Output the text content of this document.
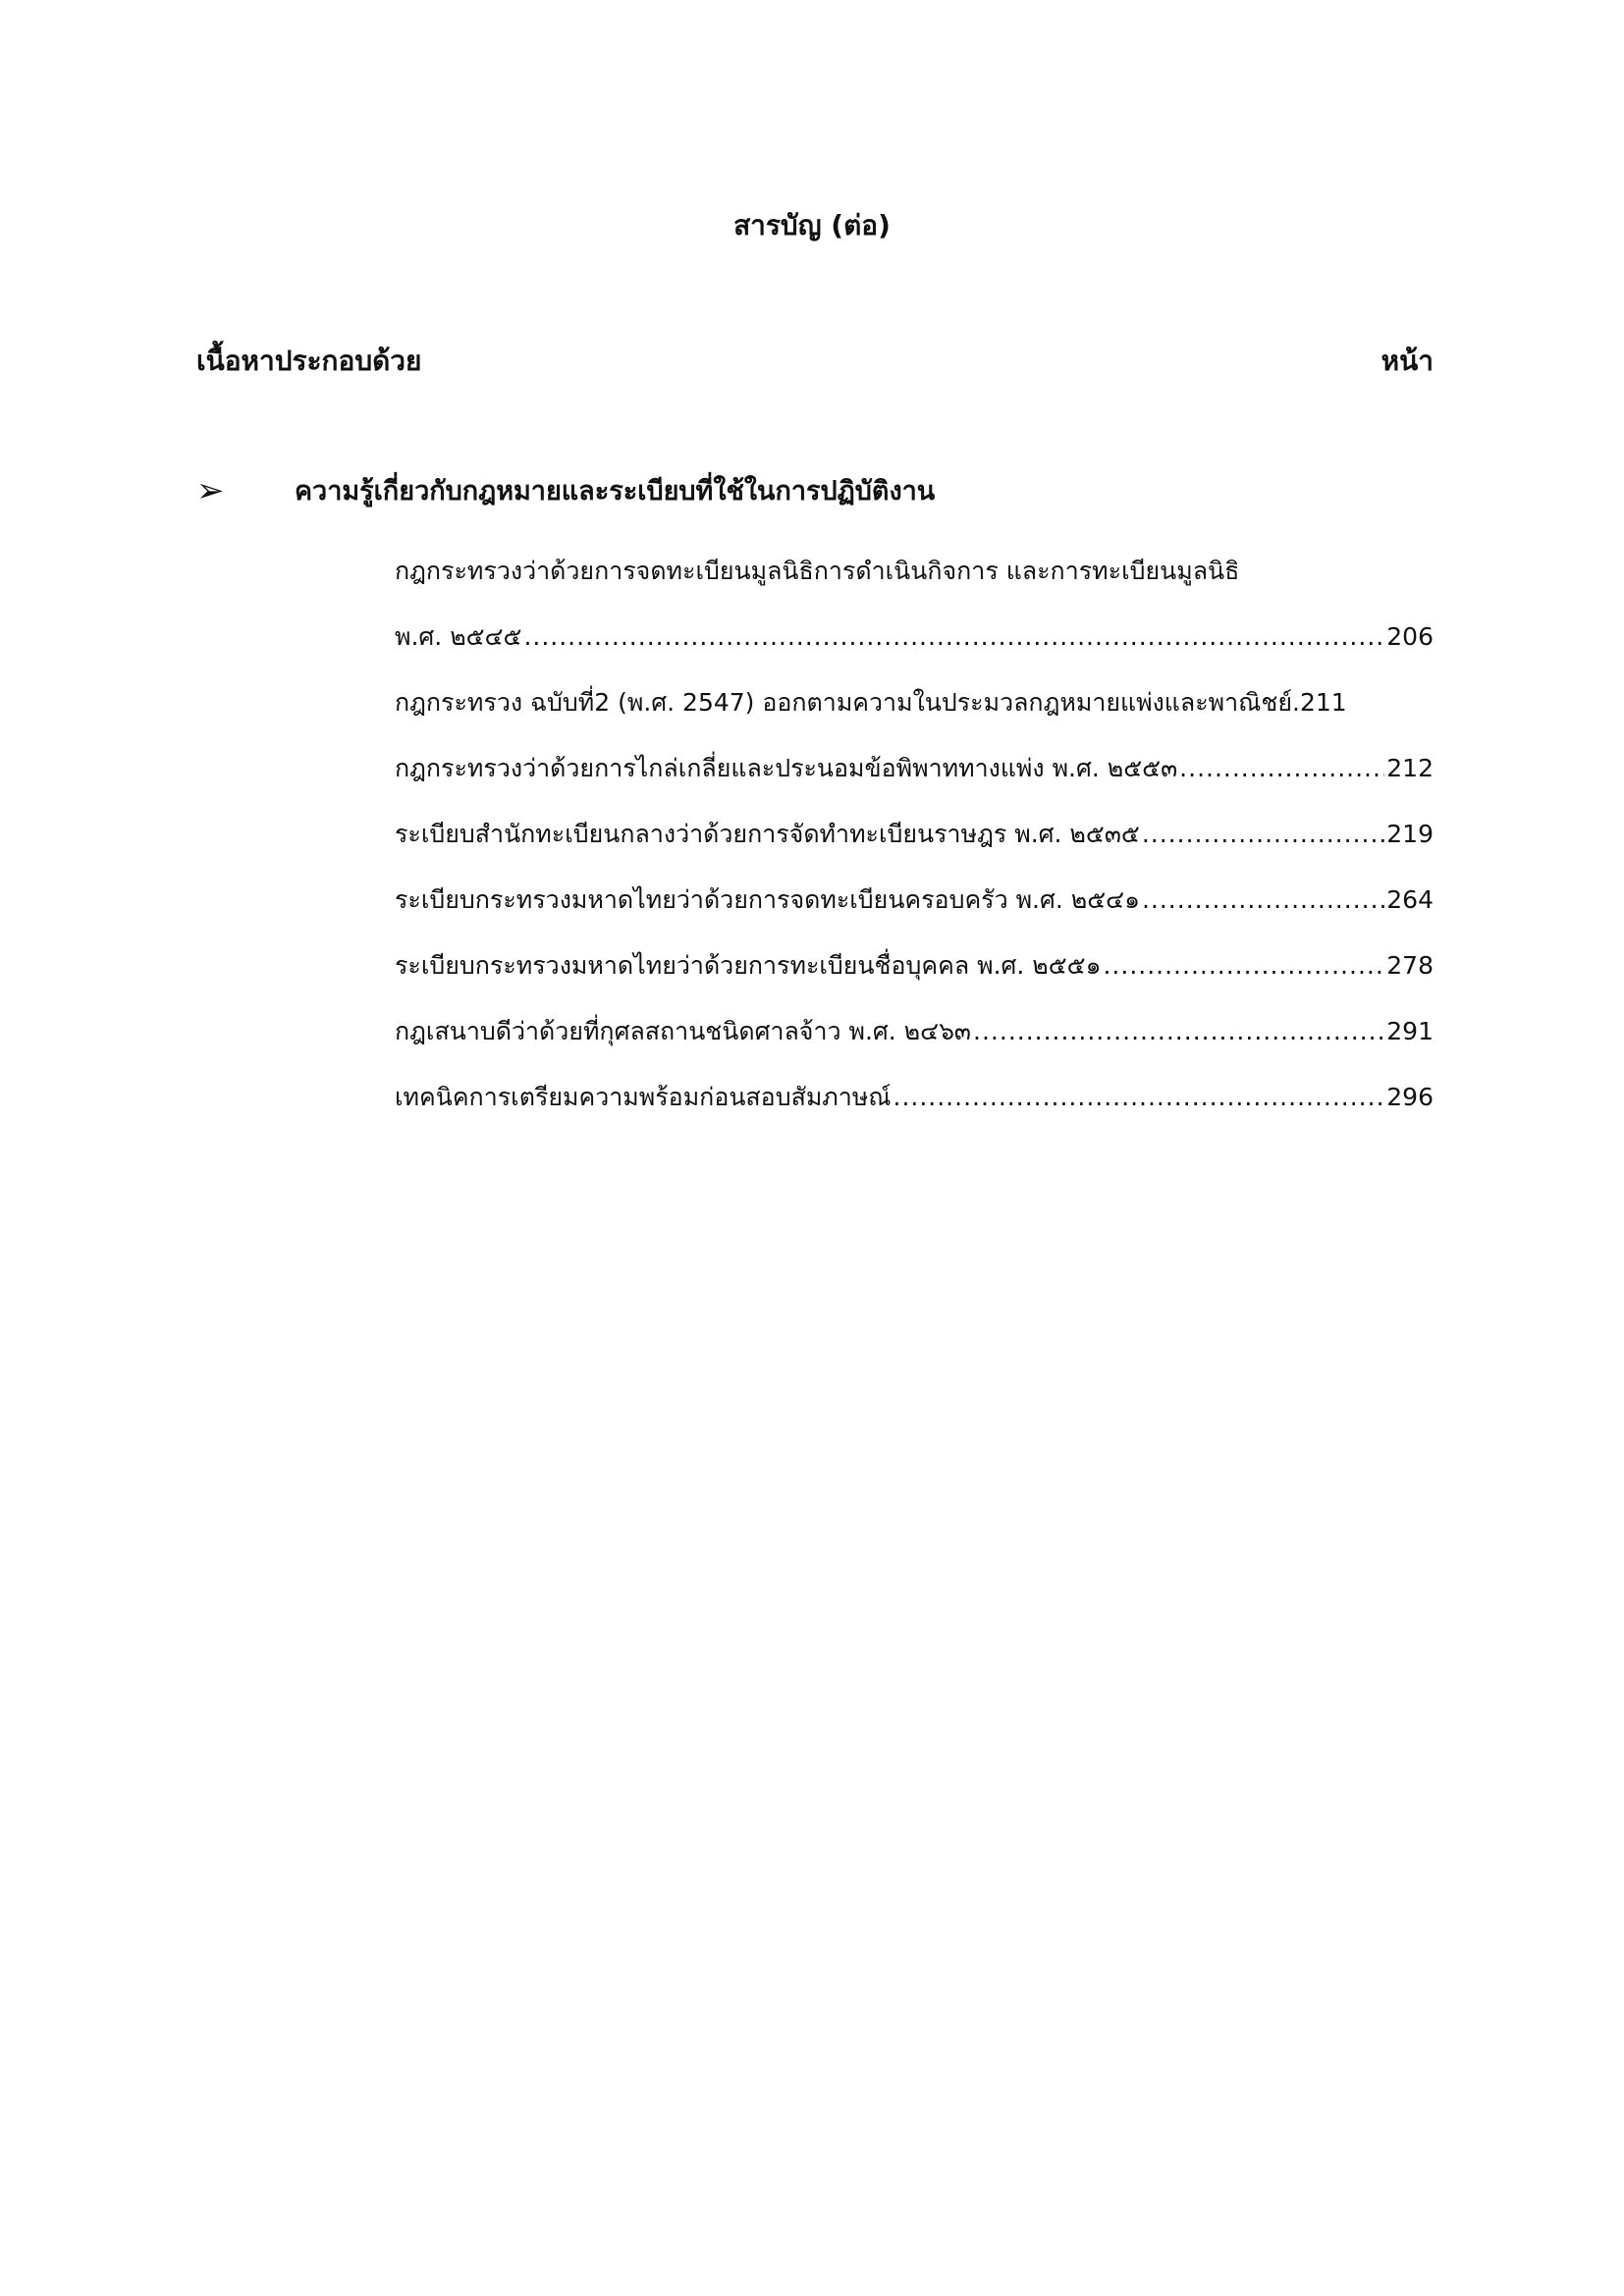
สารบัญ (ต่อ)
เนื้อหาประกอบด้วย	หน้า
➢	ความรู้เกี่ยวกับกฎหมายและระเบียบที่ใช้ในการปฏิบัติงาน
กฎกระทรวงว่าด้วยการจดทะเบียนมูลนิธิการดำเนินกิจการ และการทะเบียนมูลนิธิ
พ.ศ. ๒๕๔๕ .....	206
กฎกระทรวง ฉบับที่2 (พ.ศ. 2547) ออกตามความในประมวลกฎหมายแพ่งและพาณิชย์. 211
กฎกระทรวงว่าด้วยการไกล่เกลี่ยและประนอมข้อพิพาททางแพ่ง พ.ศ. ๒๕๕๓ .....	212
ระเบียบสำนักทะเบียนกลางว่าด้วยการจัดทำทะเบียนราษฎร พ.ศ. ๒๕๓๕ .....	219
ระเบียบกระทรวงมหาดไทยว่าด้วยการจดทะเบียนครอบครัว พ.ศ. ๒๕๔๑ .....	264
ระเบียบกระทรวงมหาดไทยว่าด้วยการทะเบียนชื่อบุคคล พ.ศ. ๒๕๕๑ .....	278
กฎเสนาบดีว่าด้วยที่กุศลสถานชนิดศาลจ้าว พ.ศ. ๒๔๖๓ .....	291
เทคนิคการเตรียมความพร้อมก่อนสอบสัมภาษณ์ .....	296
